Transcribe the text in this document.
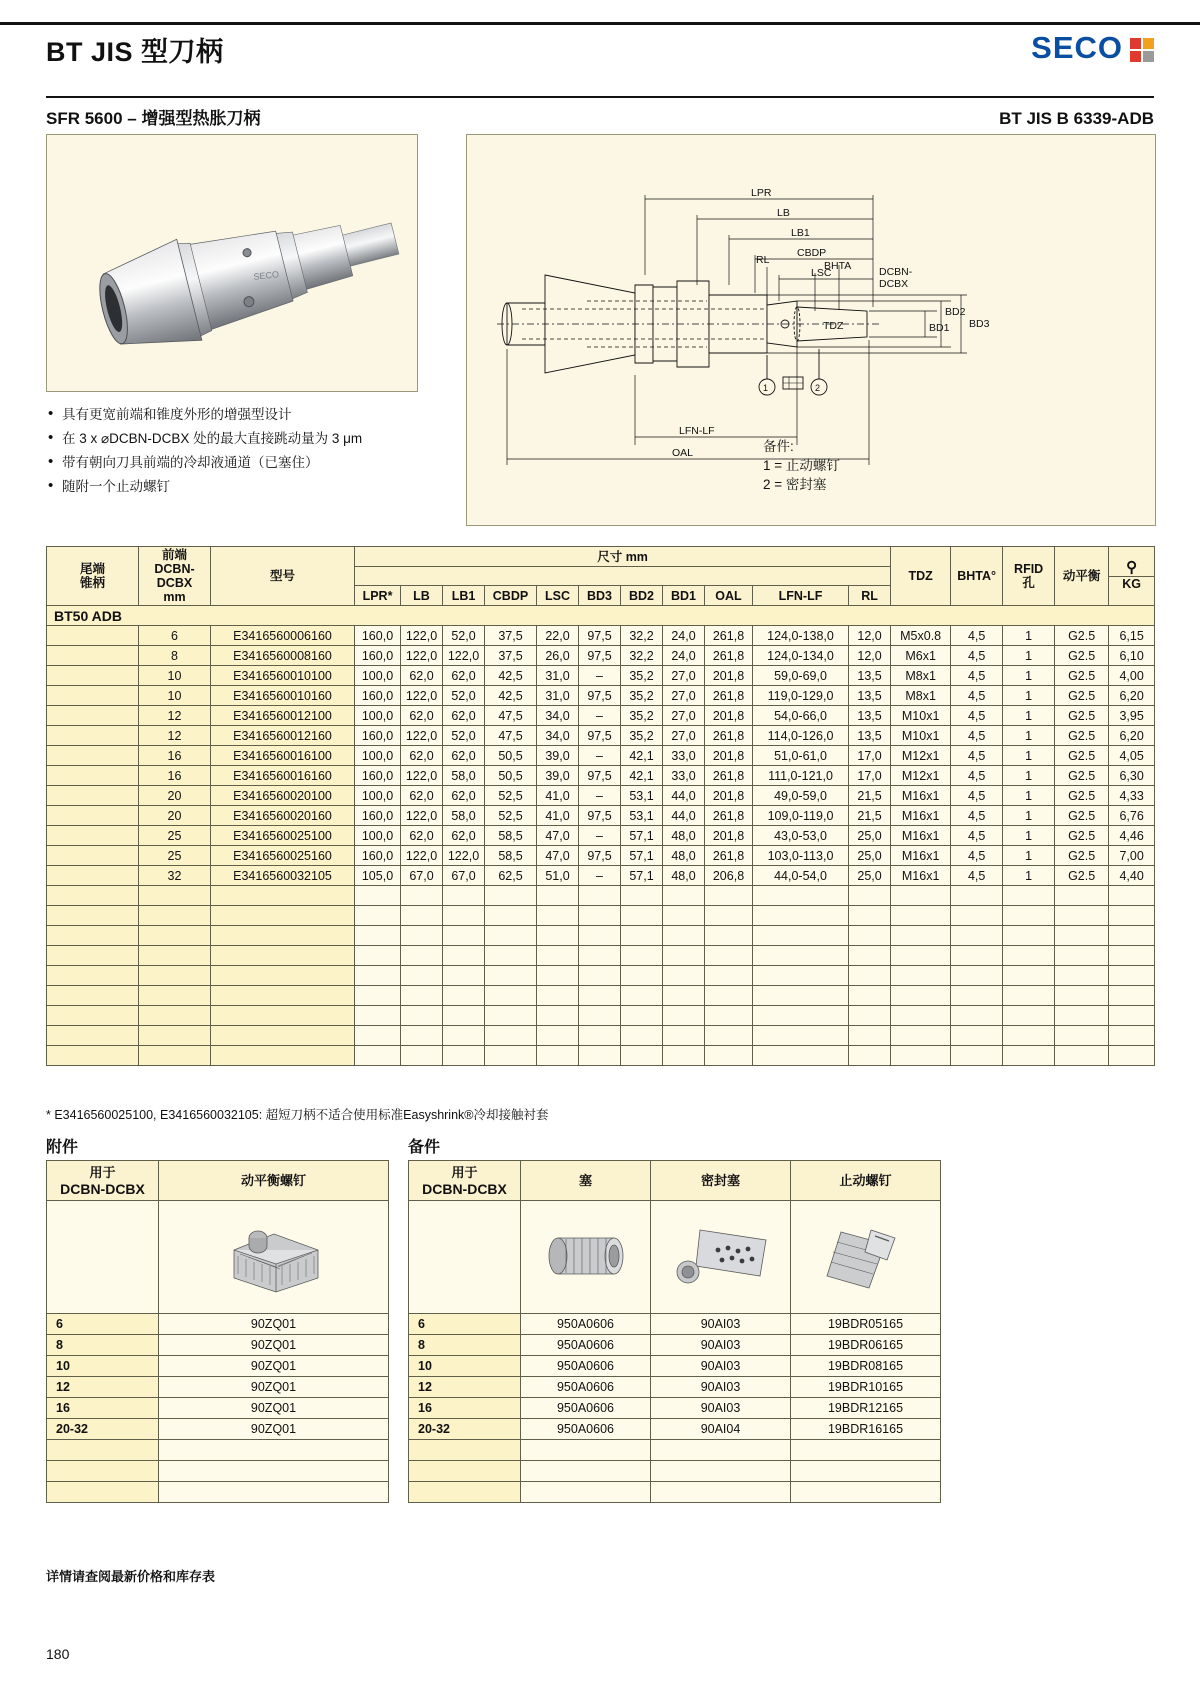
BT JIS 型刀柄	SECO
SFR 5600 – 增强型热胀刀柄	BT JIS B 6339-ADB
SECO
LPR
LB
LB1
CBDP
LSC
RL	BHTA	DCBN-
DCBX
TDZ	BD1
BD2
BD3
LFN-LF
OAL
1	2
备件:
1 = 止动螺钉
2 = 密封塞
• 具有更宽前端和锥度外形的增强型设计
• 在 3 x ⌀DCBN-DCBX 处的最大直接跳动量为 3 μm
• 带有朝向刀具前端的冷却液通道（已塞住）
• 随附一个止动螺钉
尾端
锥柄

前端
DCBN-
DCBX
mm
	型号	尺寸 mm	TDZ	BHTA°	RFID
孔	动平衡	⚲
KG

			LPR*	LB	LB1	CBDP	LSC	BD3	BD2	BD1	OAL	LFN-LF	RL					
BT50 ADB																		
	6	E3416560006160	160,0	122,0	52,0	37,5	22,0	97,5	32,2	24,0	261,8	124,0-138,0	12,0	M5x0.8	4,5	1	G2.5	6,15
	8	E3416560008160	160,0	122,0	122,0	37,5	26,0	97,5	32,2	24,0	261,8	124,0-134,0	12,0	M6x1	4,5	1	G2.5	6,10
	10	E3416560010100	100,0	62,0	62,0	42,5	31,0	–	35,2	27,0	201,8	59,0-69,0	13,5	M8x1	4,5	1	G2.5	4,00
	10	E3416560010160	160,0	122,0	52,0	42,5	31,0	97,5	35,2	27,0	261,8	119,0-129,0	13,5	M8x1	4,5	1	G2.5	6,20
	12	E3416560012100	100,0	62,0	62,0	47,5	34,0	–	35,2	27,0	201,8	54,0-66,0	13,5	M10x1	4,5	1	G2.5	3,95
	12	E3416560012160	160,0	122,0	52,0	47,5	34,0	97,5	35,2	27,0	261,8	114,0-126,0	13,5	M10x1	4,5	1	G2.5	6,20
	16	E3416560016100	100,0	62,0	62,0	50,5	39,0	–	42,1	33,0	201,8	51,0-61,0	17,0	M12x1	4,5	1	G2.5	4,05
	16	E3416560016160	160,0	122,0	58,0	50,5	39,0	97,5	42,1	33,0	261,8	111,0-121,0	17,0	M12x1	4,5	1	G2.5	6,30
	20	E3416560020100	100,0	62,0	62,0	52,5	41,0	–	53,1	44,0	201,8	49,0-59,0	21,5	M16x1	4,5	1	G2.5	4,33
	20	E3416560020160	160,0	122,0	58,0	52,5	41,0	97,5	53,1	44,0	261,8	109,0-119,0	21,5	M16x1	4,5	1	G2.5	6,76
	25	E3416560025100	100,0	62,0	62,0	58,5	47,0	–	57,1	48,0	201,8	43,0-53,0	25,0	M16x1	4,5	1	G2.5	4,46
	25	E3416560025160	160,0	122,0	122,0	58,5	47,0	97,5	57,1	48,0	261,8	103,0-113,0	25,0	M16x1	4,5	1	G2.5	7,00
	32	E3416560032105	105,0	67,0	67,0	62,5	51,0	–	57,1	48,0	206,8	44,0-54,0	25,0	M16x1	4,5	1	G2.5	4,40

* E3416560025100, E3416560032105: 超短刀柄不适合使用标准Easyshrink®冷却接触衬套
附件
用于
DCBN-DCBX	动平衡螺钉

6	90ZQ01
8	90ZQ01
10	90ZQ01
12	90ZQ01
16	90ZQ01
20-32	90ZQ01

备件
用于
DCBN-DCBX	塞	密封塞	止动螺钉

6	950A0606	90AI03	19BDR05165
8	950A0606	90AI03	19BDR06165
10	950A0606	90AI03	19BDR08165
12	950A0606	90AI03	19BDR10165
16	950A0606	90AI03	19BDR12165
20-32	950A0606	90AI04	19BDR16165

详情请查阅最新价格和库存表
180
